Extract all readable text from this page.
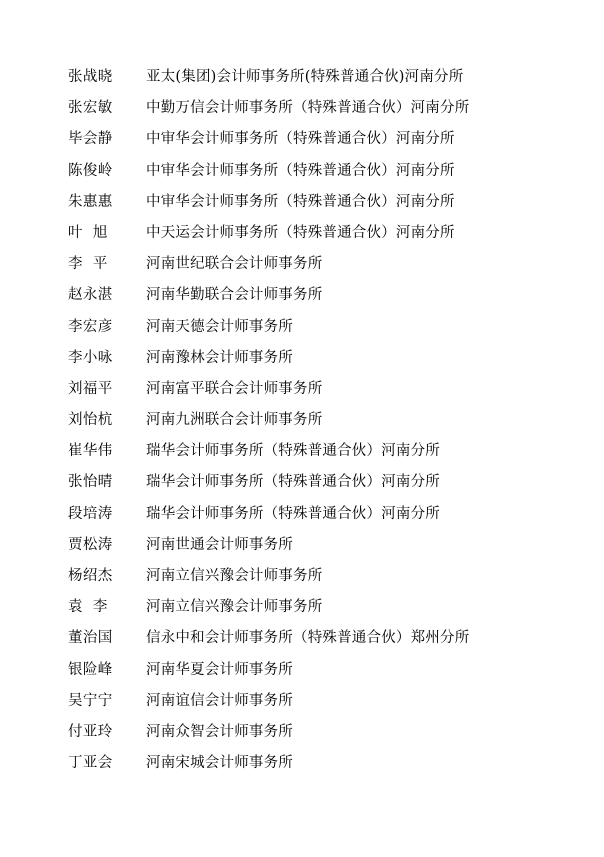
张战晓	亚太(集团)会计师事务所(特殊普通合伙)河南分所
张宏敏	中勤万信会计师事务所（特殊普通合伙）河南分所
毕会静	中审华会计师事务所（特殊普通合伙）河南分所
陈俊岭	中审华会计师事务所（特殊普通合伙）河南分所
朱惠惠	中审华会计师事务所（特殊普通合伙）河南分所
叶  旭	中天运会计师事务所（特殊普通合伙）河南分所
李  平	河南世纪联合会计师事务所
赵永湛	河南华勤联合会计师事务所
李宏彦	河南天德会计师事务所
李小咏	河南豫林会计师事务所
刘福平	河南富平联合会计师事务所
刘怡杭	河南九洲联合会计师事务所
崔华伟	瑞华会计师事务所（特殊普通合伙）河南分所
张怡晴	瑞华会计师事务所（特殊普通合伙）河南分所
段培涛	瑞华会计师事务所（特殊普通合伙）河南分所
贾松涛	河南世通会计师事务所
杨绍杰	河南立信兴豫会计师事务所
袁  李	河南立信兴豫会计师事务所
董治国	信永中和会计师事务所（特殊普通合伙）郑州分所
银险峰	河南华夏会计师事务所
吴宁宁	河南谊信会计师事务所
付亚玲	河南众智会计师事务所
丁亚会	河南宋城会计师事务所
